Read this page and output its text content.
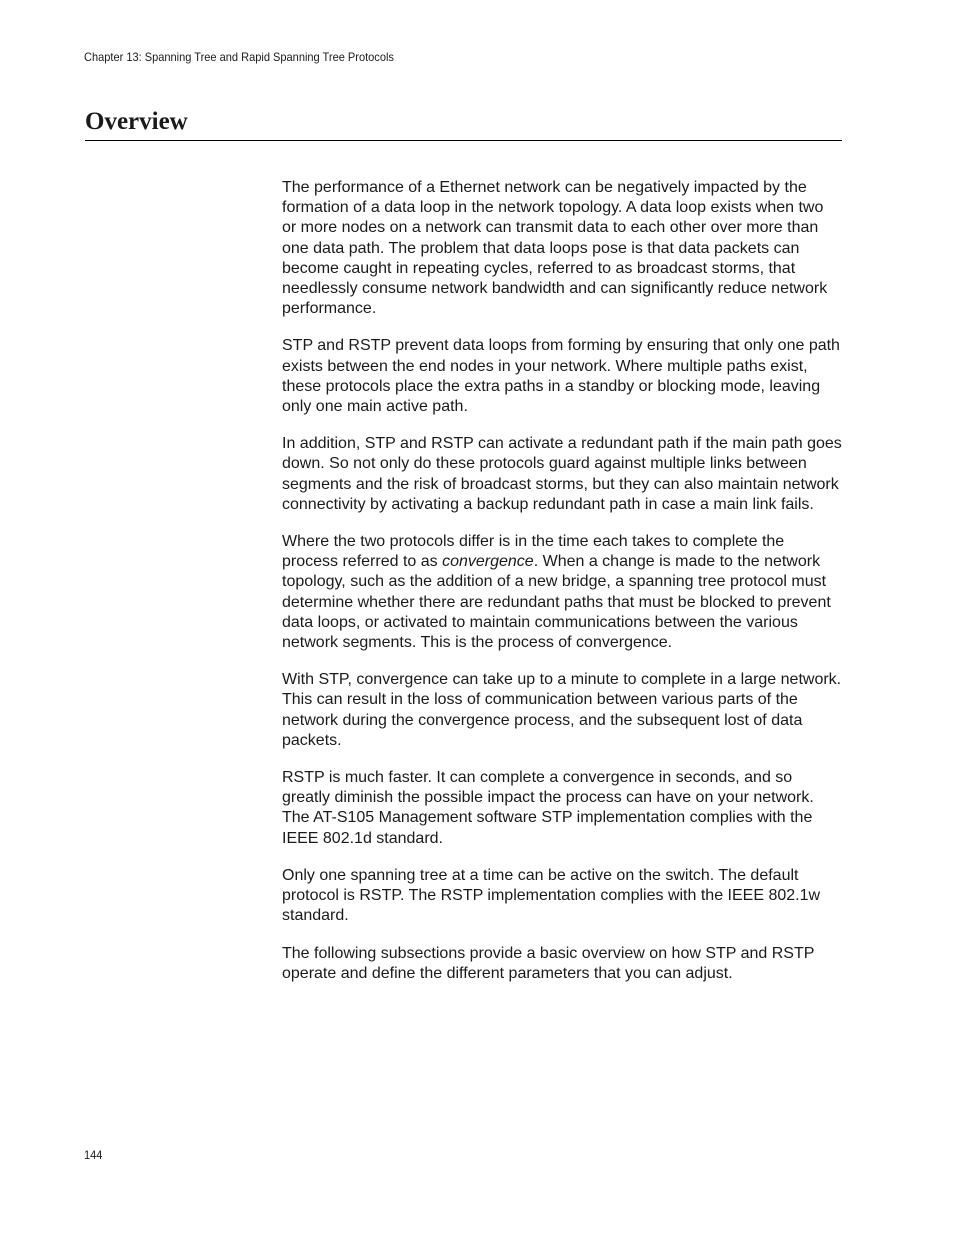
Chapter 13: Spanning Tree and Rapid Spanning Tree Protocols
Overview

The performance of a Ethernet network can be negatively impacted by the formation of a data loop in the network topology. A data loop exists when two or more nodes on a network can transmit data to each other over more than one data path. The problem that data loops pose is that data packets can become caught in repeating cycles, referred to as broadcast storms, that needlessly consume network bandwidth and can significantly reduce network performance.

STP and RSTP prevent data loops from forming by ensuring that only one path exists between the end nodes in your network. Where multiple paths exist, these protocols place the extra paths in a standby or blocking mode, leaving only one main active path.

In addition, STP and RSTP can activate a redundant path if the main path goes down. So not only do these protocols guard against multiple links between segments and the risk of broadcast storms, but they can also maintain network connectivity by activating a backup redundant path in case a main link fails.

Where the two protocols differ is in the time each takes to complete the process referred to as convergence. When a change is made to the network topology, such as the addition of a new bridge, a spanning tree protocol must determine whether there are redundant paths that must be blocked to prevent data loops, or activated to maintain communications between the various network segments. This is the process of convergence.

With STP, convergence can take up to a minute to complete in a large network. This can result in the loss of communication between various parts of the network during the convergence process, and the subsequent lost of data packets.

RSTP is much faster. It can complete a convergence in seconds, and so greatly diminish the possible impact the process can have on your network. The AT-S105 Management software STP implementation complies with the IEEE 802.1d standard.

Only one spanning tree at a time can be active on the switch. The default protocol is RSTP. The RSTP implementation complies with the IEEE 802.1w standard.

The following subsections provide a basic overview on how STP and RSTP operate and define the different parameters that you can adjust.

144
